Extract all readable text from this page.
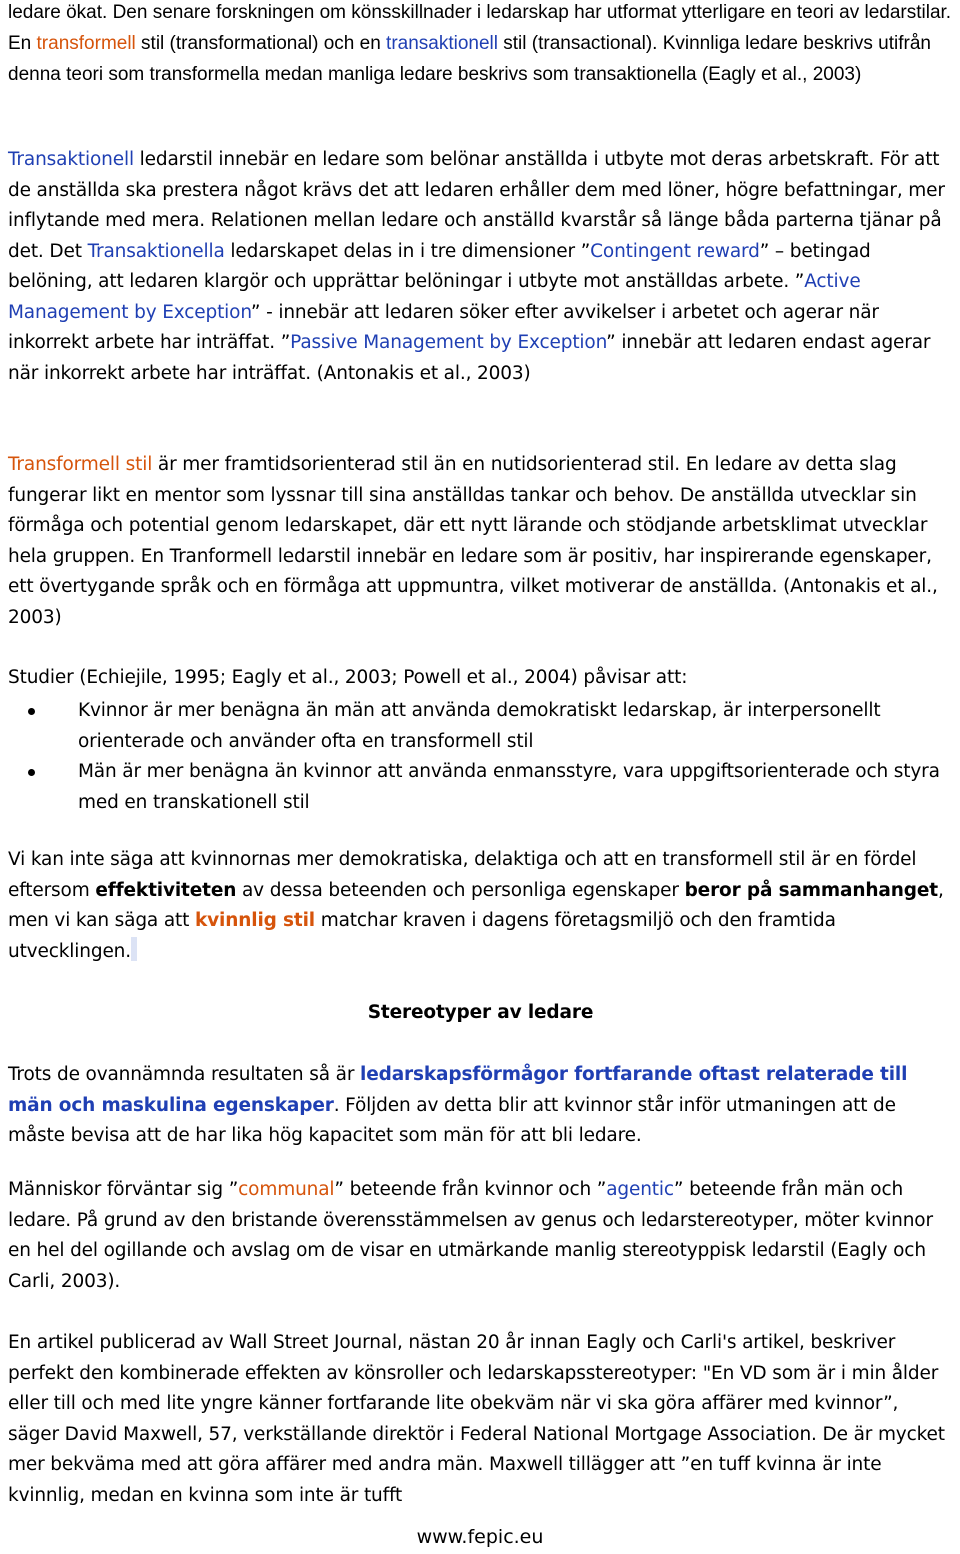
ledare ökat. Den senare forskningen om könsskillnader i ledarskap har utformat ytterligare en teori av ledarstilar. En transformell stil (transformational) och en transaktionell stil (transactional). Kvinnliga ledare beskrivs utifrån denna teori som transformella medan manliga ledare beskrivs som transaktionella (Eagly et al., 2003)

Transaktionell ledarstil innebär en ledare som belönar anställda i utbyte mot deras arbetskraft. För att de anställda ska prestera något krävs det att ledaren erhåller dem med löner, högre befattningar, mer inflytande med mera. Relationen mellan ledare och anställd kvarstår så länge båda parterna tjänar på det. Det Transaktionella ledarskapet delas in i tre dimensioner ”Contingent reward” – betingad belöning, att ledaren klargör och upprättar belöningar i utbyte mot anställdas arbete. ”Active Management by Exception” - innebär att ledaren söker efter avvikelser i arbetet och agerar när inkorrekt arbete har inträffat. ”Passive Management by Exception” innebär att ledaren endast agerar när inkorrekt arbete har inträffat. (Antonakis et al., 2003)

Transformell stil är mer framtidsorienterad stil än en nutidsorienterad stil. En ledare av detta slag fungerar likt en mentor som lyssnar till sina anställdas tankar och behov. De anställda utvecklar sin förmåga och potential genom ledarskapet, där ett nytt lärande och stödjande arbetsklimat utvecklar hela gruppen. En Tranformell ledarstil innebär en ledare som är positiv, har inspirerande egenskaper, ett övertygande språk och en förmåga att uppmuntra, vilket motiverar de anställda. (Antonakis et al., 2003)

Studier (Echiejile, 1995; Eagly et al., 2003; Powell et al., 2004) påvisar att:

Kvinnor är mer benägna än män att använda demokratiskt ledarskap, är interpersonellt orienterade och använder ofta en transformell stil
Män är mer benägna än kvinnor att använda enmansstyre, vara uppgiftsorienterade och styra med en transkationell stil

Vi kan inte säga att kvinnornas mer demokratiska, delaktiga och att en transformell stil är en fördel eftersom effektiviteten av dessa beteenden och personliga egenskaper beror på sammanhanget, men vi kan säga att kvinnlig stil matchar kraven i dagens företagsmiljö och den framtida utvecklingen.

Stereotyper av ledare

Trots de ovannämnda resultaten så är ledarskapsförmågor fortfarande oftast relaterade till män och maskulina egenskaper. Följden av detta blir att kvinnor står inför utmaningen att de måste bevisa att de har lika hög kapacitet som män för att bli ledare.

Människor förväntar sig ”communal” beteende från kvinnor och ”agentic” beteende från män och ledare. På grund av den bristande överensstämmelsen av genus och ledarstereotyper, möter kvinnor en hel del ogillande och avslag om de visar en utmärkande manlig stereotyppisk ledarstil (Eagly och Carli, 2003).

En artikel publicerad av Wall Street Journal, nästan 20 år innan Eagly och Carli's artikel, beskriver perfekt den kombinerade effekten av könsroller och ledarskapsstereotyper: "En VD som är i min ålder eller till och med lite yngre känner fortfarande lite obekväm när vi ska göra affärer med kvinnor”, säger David Maxwell, 57, verkställande direktör i Federal National Mortgage Association. De är mycket mer bekväma med att göra affärer med andra män. Maxwell tillägger att ”en tuff kvinna är inte kvinnlig, medan en kvinna som inte är tufft

www.fepic.eu
